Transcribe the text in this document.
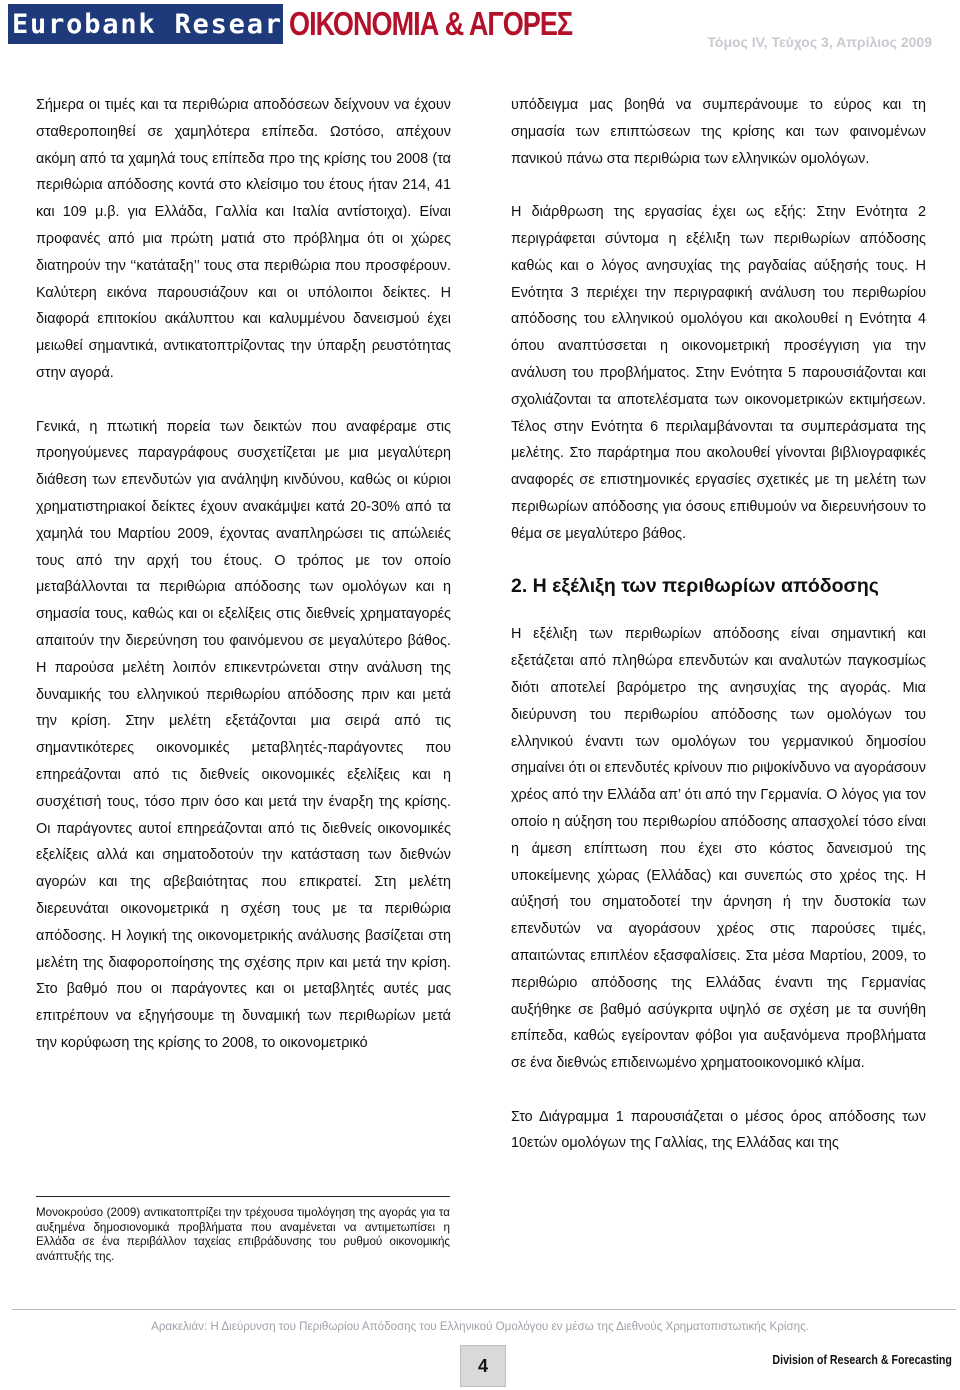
Eurobank Research
ΟΙΚΟΝΟΜΙΑ & ΑΓΟΡΕΣ	Τόμος IV, Τεύχος 3, Απρίλιος 2009

Σήμερα οι τιμές και τα περιθώρια αποδόσεων δείχνουν να έχουν σταθεροποιηθεί σε χαμηλότερα επίπεδα. Ωστόσο, απέχουν ακόμη από τα χαμηλά τους επίπεδα προ της κρίσης του 2008 (τα περιθώρια απόδοσης κοντά στο κλείσιμο του έτους ήταν 214, 41 και 109 μ.β. για Ελλάδα, Γαλλία και Ιταλία αντίστοιχα). Είναι προφανές από μια πρώτη ματιά στο πρόβλημα ότι οι χώρες διατηρούν την ‘‘κατάταξη’’ τους στα περιθώρια που προσφέρουν. Καλύτερη εικόνα παρουσιάζουν και οι υπόλοιποι δείκτες. Η διαφορά επιτοκίου ακάλυπτου και καλυμμένου δανεισμού έχει μειωθεί σημαντικά, αντικατοπτρίζοντας την ύπαρξη ρευστότητας στην αγορά.

Γενικά, η πτωτική πορεία των δεικτών που αναφέραμε στις προηγούμενες παραγράφους συσχετίζεται με μια μεγαλύτερη διάθεση των επενδυτών για ανάληψη κινδύνου, καθώς οι κύριοι χρηματιστηριακοί δείκτες έχουν ανακάμψει κατά 20-30% από τα χαμηλά του Μαρτίου 2009, έχοντας αναπληρώσει τις απώλειές τους από την αρχή του έτους. Ο τρόπος με τον οποίο μεταβάλλονται τα περιθώρια απόδοσης των ομολόγων και η σημασία τους, καθώς και οι εξελίξεις στις διεθνείς χρηματαγορές απαιτούν την διερεύνηση του φαινόμενου σε μεγαλύτερο βάθος. Η παρούσα μελέτη λοιπόν επικεντρώνεται στην ανάλυση της δυναμικής του ελληνικού περιθωρίου απόδοσης πριν και μετά την κρίση. Στην μελέτη εξετάζονται μια σειρά από τις σημαντικότερες οικονομικές μεταβλητές-παράγοντες που επηρεάζονται από τις διεθνείς οικονομικές εξελίξεις και η συσχέτισή τους, τόσο πριν όσο και μετά την έναρξη της κρίσης. Οι παράγοντες αυτοί επηρεάζονται από τις διεθνείς οικονομικές εξελίξεις αλλά και σηματοδοτούν την κατάσταση των διεθνών αγορών και της αβεβαιότητας που επικρατεί. Στη μελέτη διερευνάται οικονομετρικά η σχέση τους με τα περιθώρια απόδοσης. Η λογική της οικονομετρικής ανάλυσης βασίζεται στη μελέτη της διαφοροποίησης της σχέσης πριν και μετά την κρίση. Στο βαθμό που οι παράγοντες και οι μεταβλητές αυτές μας επιτρέπουν να εξηγήσουμε τη δυναμική των περιθωρίων μετά την κορύφωση της κρίσης το 2008, το οικονομετρικό

Μονοκρούσο (2009) αντικατοπτρίζει την τρέχουσα τιμολόγηση της αγοράς για τα αυξημένα δημοσιονομικά προβλήματα που αναμένεται να αντιμετωπίσει η Ελλάδα σε ένα περιβάλλον ταχείας επιβράδυνσης του ρυθμού οικονομικής ανάπτυξής της.

υπόδειγμα μας βοηθά να συμπεράνουμε το εύρος και τη σημασία των επιπτώσεων της κρίσης και των φαινομένων πανικού πάνω στα περιθώρια των ελληνικών ομολόγων.

Η διάρθρωση της εργασίας έχει ως εξής: Στην Ενότητα 2 περιγράφεται σύντομα η εξέλιξη των περιθωρίων απόδοσης καθώς και ο λόγος ανησυχίας της ραγδαίας αύξησής τους. Η Ενότητα 3 περιέχει την περιγραφική ανάλυση του περιθωρίου απόδοσης του ελληνικού ομολόγου και ακολουθεί η Ενότητα 4 όπου αναπτύσσεται η οικονομετρική προσέγγιση για την ανάλυση του προβλήματος. Στην Ενότητα 5 παρουσιάζονται και σχολιάζονται τα αποτελέσματα των οικονομετρικών εκτιμήσεων. Τέλος στην Ενότητα 6 περιλαμβάνονται τα συμπεράσματα της μελέτης. Στο παράρτημα που ακολουθεί γίνονται βιβλιογραφικές αναφορές σε επιστημονικές εργασίες σχετικές με τη μελέτη των περιθωρίων απόδοσης για όσους επιθυμούν να διερευνήσουν το θέμα σε μεγαλύτερο βάθος.

2. Η εξέλιξη των περιθωρίων απόδοσης

Η εξέλιξη των περιθωρίων απόδοσης είναι σημαντική και εξετάζεται από πληθώρα επενδυτών και αναλυτών παγκοσμίως διότι αποτελεί βαρόμετρο της ανησυχίας της αγοράς. Μια διεύρυνση του περιθωρίου απόδοσης των ομολόγων του ελληνικού έναντι των ομολόγων του γερμανικού δημοσίου σημαίνει ότι οι επενδυτές κρίνουν πιο ριψοκίνδυνο να αγοράσουν χρέος από την Ελλάδα απ’ ότι από την Γερμανία. Ο λόγος για τον οποίο η αύξηση του περιθωρίου απόδοσης απασχολεί τόσο είναι η άμεση επίπτωση που έχει στο κόστος δανεισμού της υποκείμενης χώρας (Ελλάδας) και συνεπώς στο χρέος της. Η αύξησή του σηματοδοτεί την άρνηση ή την δυστοκία των επενδυτών να αγοράσουν χρέος στις παρούσες τιμές, απαιτώντας επιπλέον εξασφαλίσεις. Στα μέσα Μαρτίου, 2009, το περιθώριο απόδοσης της Ελλάδας έναντι της Γερμανίας αυξήθηκε σε βαθμό ασύγκριτα υψηλό σε σχέση με τα συνήθη επίπεδα, καθώς εγείρονταν φόβοι για αυξανόμενα προβλήματα σε ένα διεθνώς επιδεινωμένο χρηματοοικονομικό κλίμα.

Στο Διάγραμμα 1 παρουσιάζεται ο μέσος όρος απόδοσης των 10ετών ομολόγων της Γαλλίας, της Ελλάδας και της

Αρακελιάν: Η Διεύρυνση του Περιθωρίου Απόδοσης του Ελληνικού Ομολόγου εν μέσω της Διεθνούς Χρηματοπιστωτικής Κρίσης.
4	Division of Research & Forecasting
